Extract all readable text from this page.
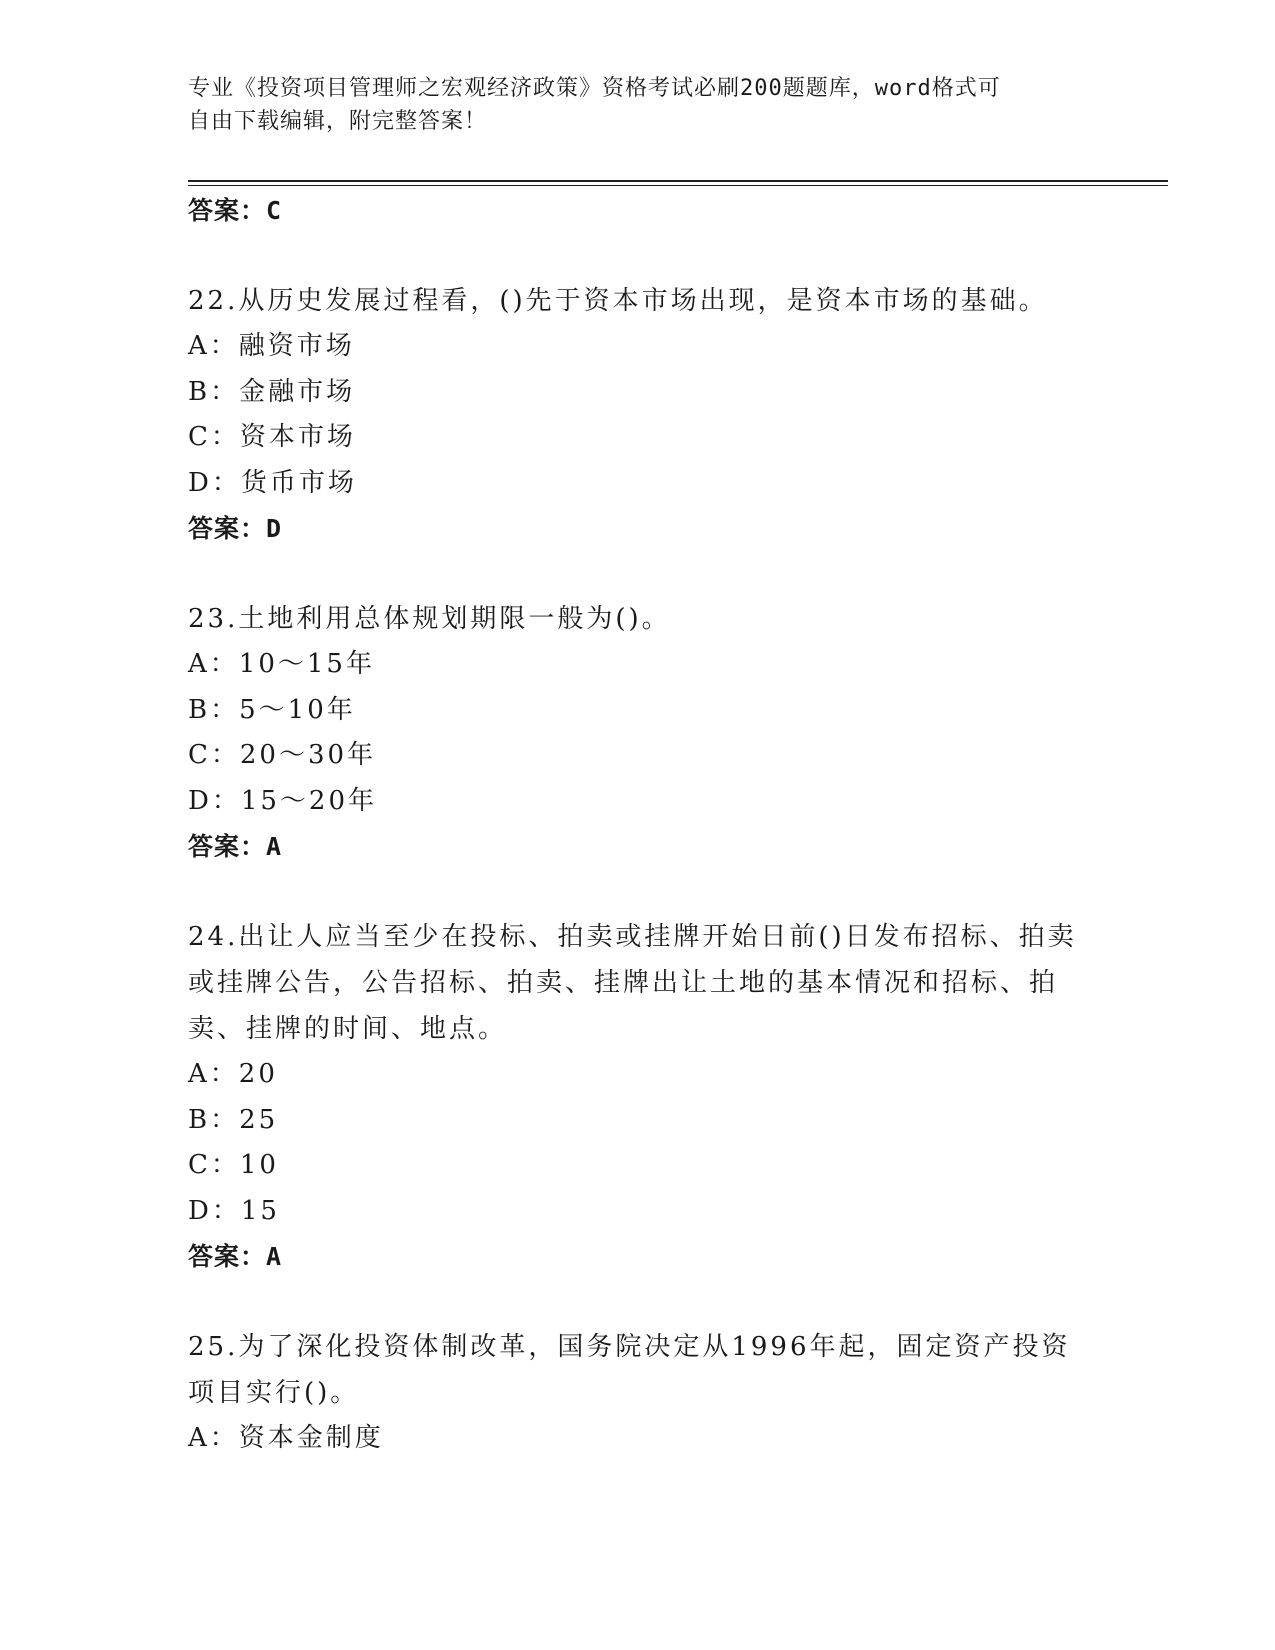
专业《投资项目管理师之宏观经济政策》资格考试必刷200题题库，word格式可
自由下载编辑，附完整答案！
答案：C
22.从历史发展过程看，()先于资本市场出现，是资本市场的基础。
A：融资市场
B：金融市场
C：资本市场
D：货币市场
答案：D
23.土地利用总体规划期限一般为()。
A：10～15年
B：5～10年
C：20～30年
D：15～20年
答案：A
24.出让人应当至少在投标、拍卖或挂牌开始日前()日发布招标、拍卖
或挂牌公告，公告招标、拍卖、挂牌出让土地的基本情况和招标、拍
卖、挂牌的时间、地点。
A：20
B：25
C：10
D：15
答案：A
25.为了深化投资体制改革，国务院决定从1996年起，固定资产投资
项目实行()。
A：资本金制度
